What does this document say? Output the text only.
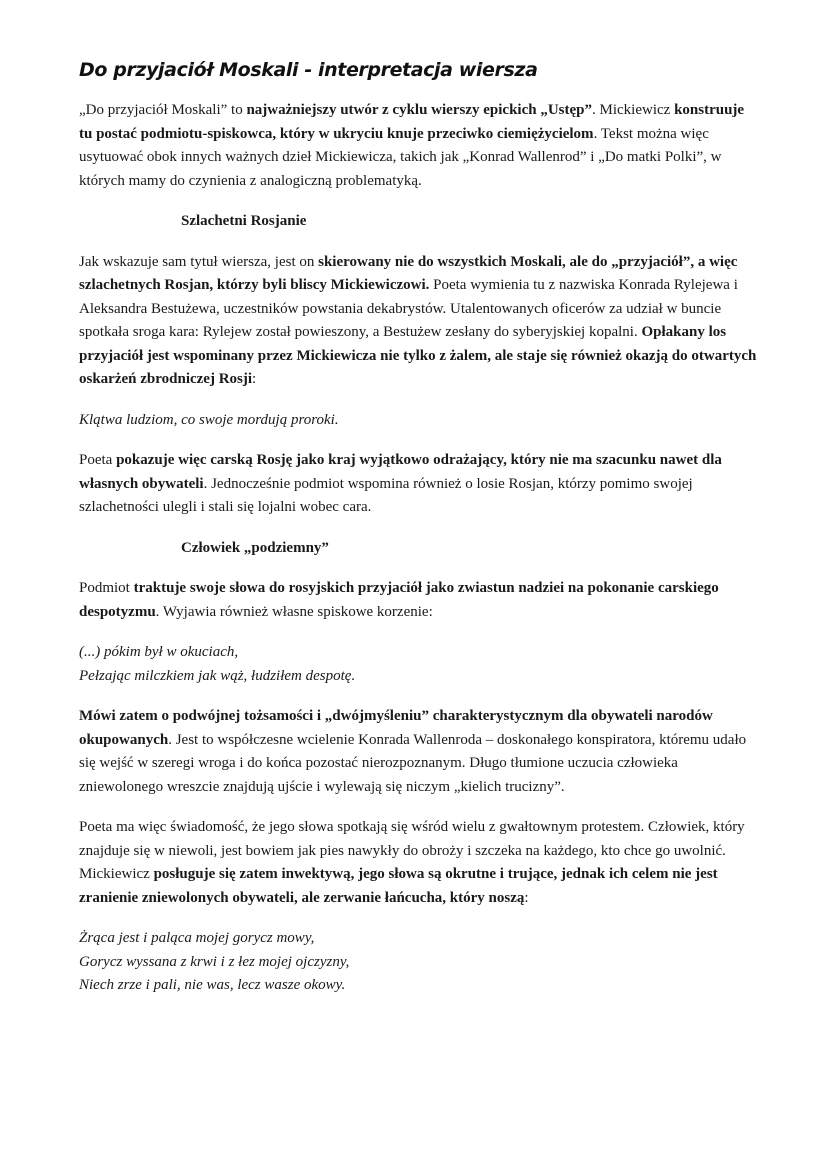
Do przyjaciół Moskali - interpretacja wiersza

„Do przyjaciół Moskali” to najważniejszy utwór z cyklu wierszy epickich „Ustęp”. Mickiewicz konstruuje tu postać podmiotu-spiskowca, który w ukryciu knuje przeciwko ciemiężycielom. Tekst można więc usytuować obok innych ważnych dzieł Mickiewicza, takich jak „Konrad Wallenrod” i „Do matki Polki”, w których mamy do czynienia z analogiczną problematyką.

Szlachetni Rosjanie

Jak wskazuje sam tytuł wiersza, jest on skierowany nie do wszystkich Moskali, ale do „przyjaciół”, a więc szlachetnych Rosjan, którzy byli bliscy Mickiewiczowi. Poeta wymienia tu z nazwiska Konrada Rylejewa i Aleksandra Bestużewa, uczestników powstania dekabrystów. Utalentowanych oficerów za udział w buncie spotkała sroga kara: Rylejew został powieszony, a Bestużew zesłany do syberyjskiej kopalni. Opłakany los przyjaciół jest wspominany przez Mickiewicza nie tylko z żalem, ale staje się również okazją do otwartych oskarżeń zbrodniczej Rosji:

Klątwa ludziom, co swoje mordują proroki.

Poeta pokazuje więc carską Rosję jako kraj wyjątkowo odrażający, który nie ma szacunku nawet dla własnych obywateli. Jednocześnie podmiot wspomina również o losie Rosjan, którzy pomimo swojej szlachetności ulegli i stali się lojalni wobec cara.

Człowiek „podziemny”

Podmiot traktuje swoje słowa do rosyjskich przyjaciół jako zwiastun nadziei na pokonanie carskiego despotyzmu. Wyjawia również własne spiskowe korzenie:

(...) pókim był w okuciach,
Pełzając milczkiem jak wąż, łudziłem despotę.

Mówi zatem o podwójnej tożsamości i „dwójmyśleniu” charakterystycznym dla obywateli narodów okupowanych. Jest to współczesne wcielenie Konrada Wallenroda – doskonałego konspiratora, któremu udało się wejść w szeregi wroga i do końca pozostać nierozpoznanym. Długo tłumione uczucia człowieka zniewolonego wreszcie znajdują ujście i wylewają się niczym „kielich trucizny”.

Poeta ma więc świadomość, że jego słowa spotkają się wśród wielu z gwałtownym protestem. Człowiek, który znajduje się w niewoli, jest bowiem jak pies nawykły do obroży i szczeka na każdego, kto chce go uwolnić. Mickiewicz posługuje się zatem inwektywą, jego słowa są okrutne i trujące, jednak ich celem nie jest zranienie zniewolonych obywateli, ale zerwanie łańcucha, który noszą:

Żrąca jest i paląca mojej gorycz mowy,
Gorycz wyssana z krwi i z łez mojej ojczyzny,
Niech zrze i pali, nie was, lecz wasze okowy.
